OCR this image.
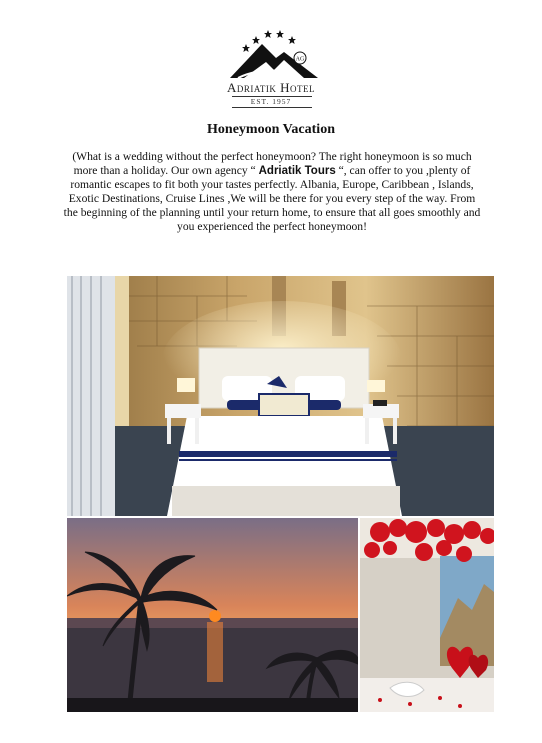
AG
Adriatik Hotel
EST. 1957
Honeymoon Vacation
(What is a wedding without the perfect honeymoon? The right honeymoon is so much more than a holiday. Our own agency “ Adriatik Tours “, can offer to you ,plenty of romantic escapes to fit both your tastes perfectly. Albania, Europe, Caribbean , Islands, Exotic Destinations, Cruise Lines ,We will be there for you every step of the way. From the beginning of the planning until your return home, to ensure that all goes smoothly and you experienced the perfect honeymoon!
